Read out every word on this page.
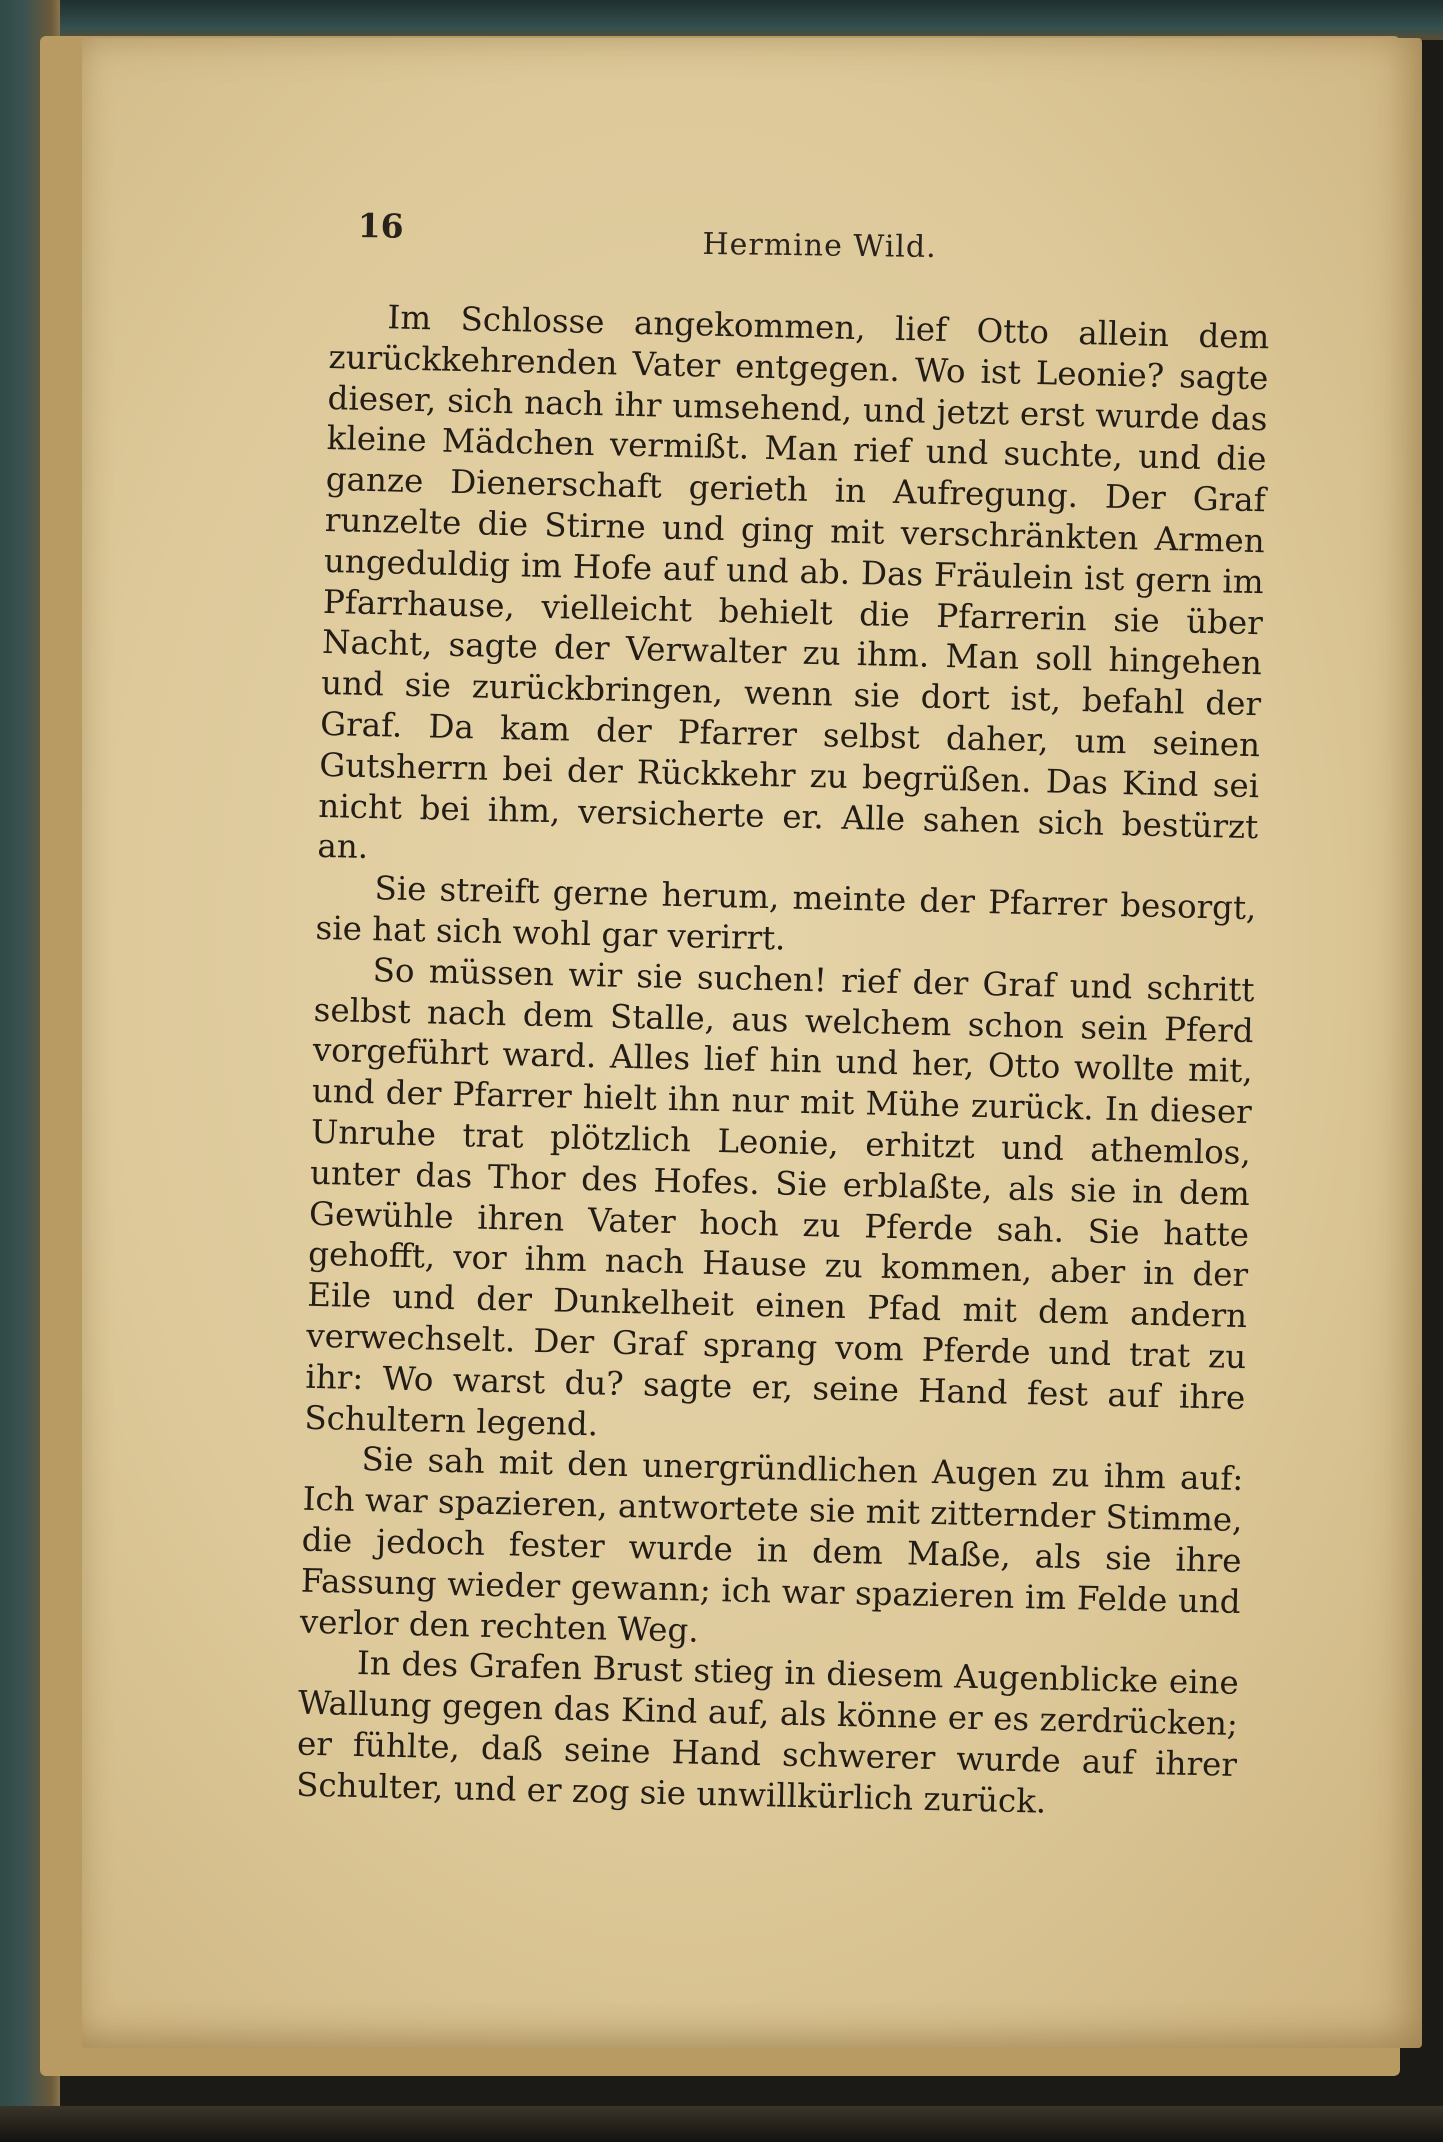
16
Hermine Wild.

Im Schlosse angekommen, lief Otto allein dem zurückkehrenden Vater entgegen. Wo ist Leonie? sagte dieser, sich nach ihr umsehend, und jetzt erst wurde das kleine Mädchen vermißt. Man rief und suchte, und die ganze Dienerschaft gerieth in Aufregung. Der Graf runzelte die Stirne und ging mit verschränkten Armen ungeduldig im Hofe auf und ab. Das Fräulein ist gern im Pfarrhause, vielleicht behielt die Pfarrerin sie über Nacht, sagte der Verwalter zu ihm. Man soll hingehen und sie zurückbringen, wenn sie dort ist, befahl der Graf. Da kam der Pfarrer selbst daher, um seinen Gutsherrn bei der Rückkehr zu begrüßen. Das Kind sei nicht bei ihm, versicherte er. Alle sahen sich bestürzt an.

Sie streift gerne herum, meinte der Pfarrer besorgt, sie hat sich wohl gar verirrt.

So müssen wir sie suchen! rief der Graf und schritt selbst nach dem Stalle, aus welchem schon sein Pferd vorgeführt ward. Alles lief hin und her, Otto wollte mit, und der Pfarrer hielt ihn nur mit Mühe zurück. In dieser Unruhe trat plötzlich Leonie, erhitzt und athemlos, unter das Thor des Hofes. Sie erblaßte, als sie in dem Gewühle ihren Vater hoch zu Pferde sah. Sie hatte gehofft, vor ihm nach Hause zu kommen, aber in der Eile und der Dunkelheit einen Pfad mit dem andern verwechselt. Der Graf sprang vom Pferde und trat zu ihr: Wo warst du? sagte er, seine Hand fest auf ihre Schultern legend.

Sie sah mit den unergründlichen Augen zu ihm auf: Ich war spazieren, antwortete sie mit zitternder Stimme, die jedoch fester wurde in dem Maße, als sie ihre Fassung wieder gewann; ich war spazieren im Felde und verlor den rechten Weg.

In des Grafen Brust stieg in diesem Augenblicke eine Wallung gegen das Kind auf, als könne er es zerdrücken; er fühlte, daß seine Hand schwerer wurde auf ihrer Schulter, und er zog sie unwillkürlich zurück.
